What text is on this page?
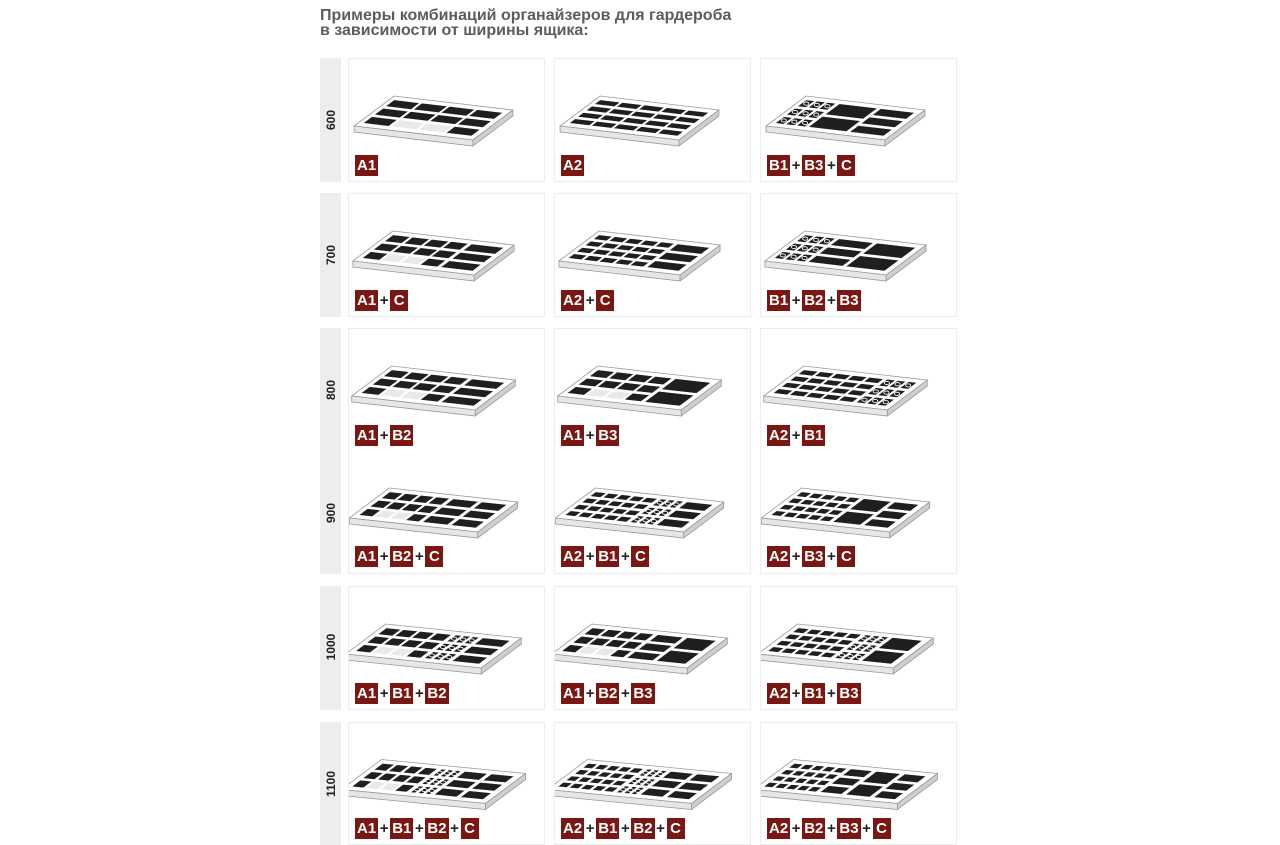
Примеры комбинаций органайзеров для гардероба
в зависимости от ширины ящика:
600
A1	A2	B1 + B3 + C
700
A1 + C	A2 + C	B1 + B2 + B3
800
A1 + B2	A1 + B3	A2 + B1
900
A1 + B2 + C	A2 + B1 + C	A2 + B3 + C
1000
A1 + B1 + B2	A1 + B2 + B3	A2 + B1 + B3
1100
A1 + B1 + B2 + C	A2 + B1 + B2 + C	A2 + B2 + B3 + C
